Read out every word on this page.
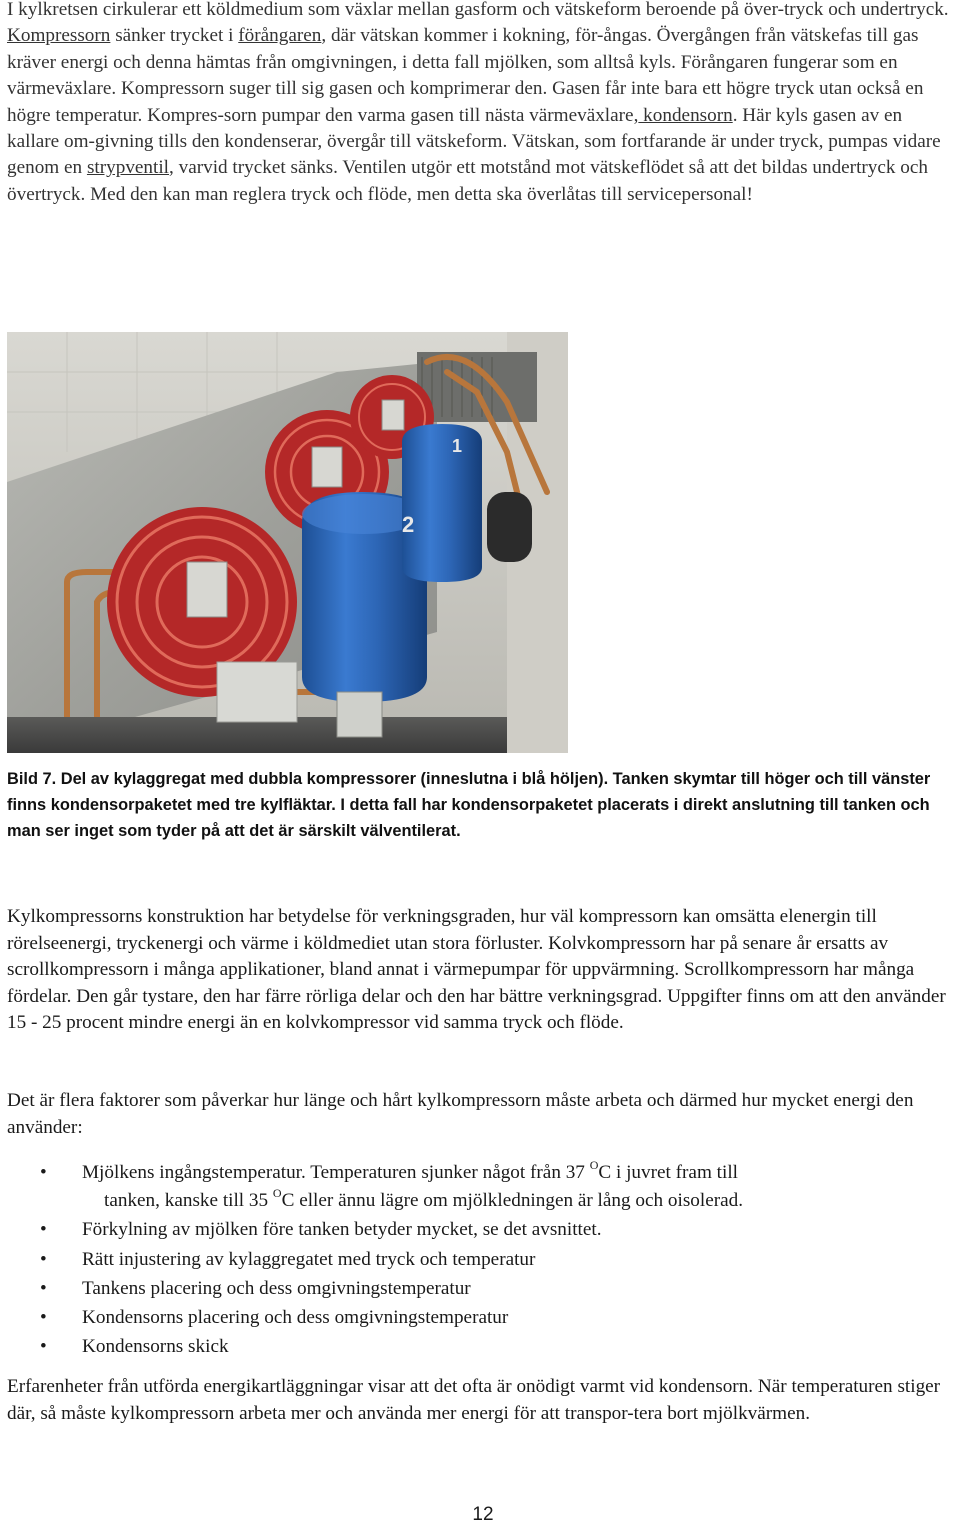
I kylkretsen cirkulerar ett köldmedium som växlar mellan gasform och vätskeform beroende på över-tryck och undertryck. Kompressorn sänker trycket i förångaren, där vätskan kommer i kokning, för-ångas. Övergången från vätskefas till gas kräver energi och denna hämtas från omgivningen, i detta fall mjölken, som alltså kyls. Förångaren fungerar som en värmeväxlare. Kompressorn suger till sig gasen och komprimerar den. Gasen får inte bara ett högre tryck utan också en högre temperatur. Kompres-sorn pumpar den varma gasen till nästa värmeväxlare, kondensorn. Här kyls gasen av en kallare om-givning tills den kondenserar, övergår till vätskeform. Vätskan, som fortfarande är under tryck, pumpas vidare genom en strypventil, varvid trycket sänks. Ventilen utgör ett motstånd mot vätskeflödet så att det bildas undertryck och övertryck. Med den kan man reglera tryck och flöde, men detta ska överlåtas till servicepersonal!
2
1
Bild 7. Del av kylaggregat med dubbla kompressorer (inneslutna i blå höljen). Tanken skymtar till höger och till vänster finns kondensorpaketet med tre kylfläktar. I detta fall har kondensorpaketet placerats i direkt anslutning till tanken och man ser inget som tyder på att det är särskilt välventilerat.
Kylkompressorns konstruktion har betydelse för verkningsgraden, hur väl kompressorn kan omsätta elenergin till rörelseenergi, tryckenergi och värme i köldmediet utan stora förluster. Kolvkompressorn har på senare år ersatts av scrollkompressorn i många applikationer, bland annat i värmepumpar för uppvärmning. Scrollkompressorn har många fördelar. Den går tystare, den har färre rörliga delar och den har bättre verkningsgrad. Uppgifter finns om att den använder 15 - 25 procent mindre energi än en kolvkompressor vid samma tryck och flöde.
Det är flera faktorer som påverkar hur länge och hårt kylkompressorn måste arbeta och därmed hur mycket energi den använder:
• Mjölkens ingångstemperatur. Temperaturen sjunker något från 37 $^O$C i juvret fram till
tanken, kanske till 35 $^O$C eller ännu lägre om mjölkledningen är lång och oisolerad.
• Förkylning av mjölken före tanken betyder mycket, se det avsnittet.
• Rätt injustering av kylaggregatet med tryck och temperatur
• Tankens placering och dess omgivningstemperatur
• Kondensorns placering och dess omgivningstemperatur
• Kondensorns skick
Erfarenheter från utförda energikartläggningar visar att det ofta är onödigt varmt vid kondensorn. När temperaturen stiger där, så måste kylkompressorn arbeta mer och använda mer energi för att transpor-tera bort mjölkvärmen.
12
